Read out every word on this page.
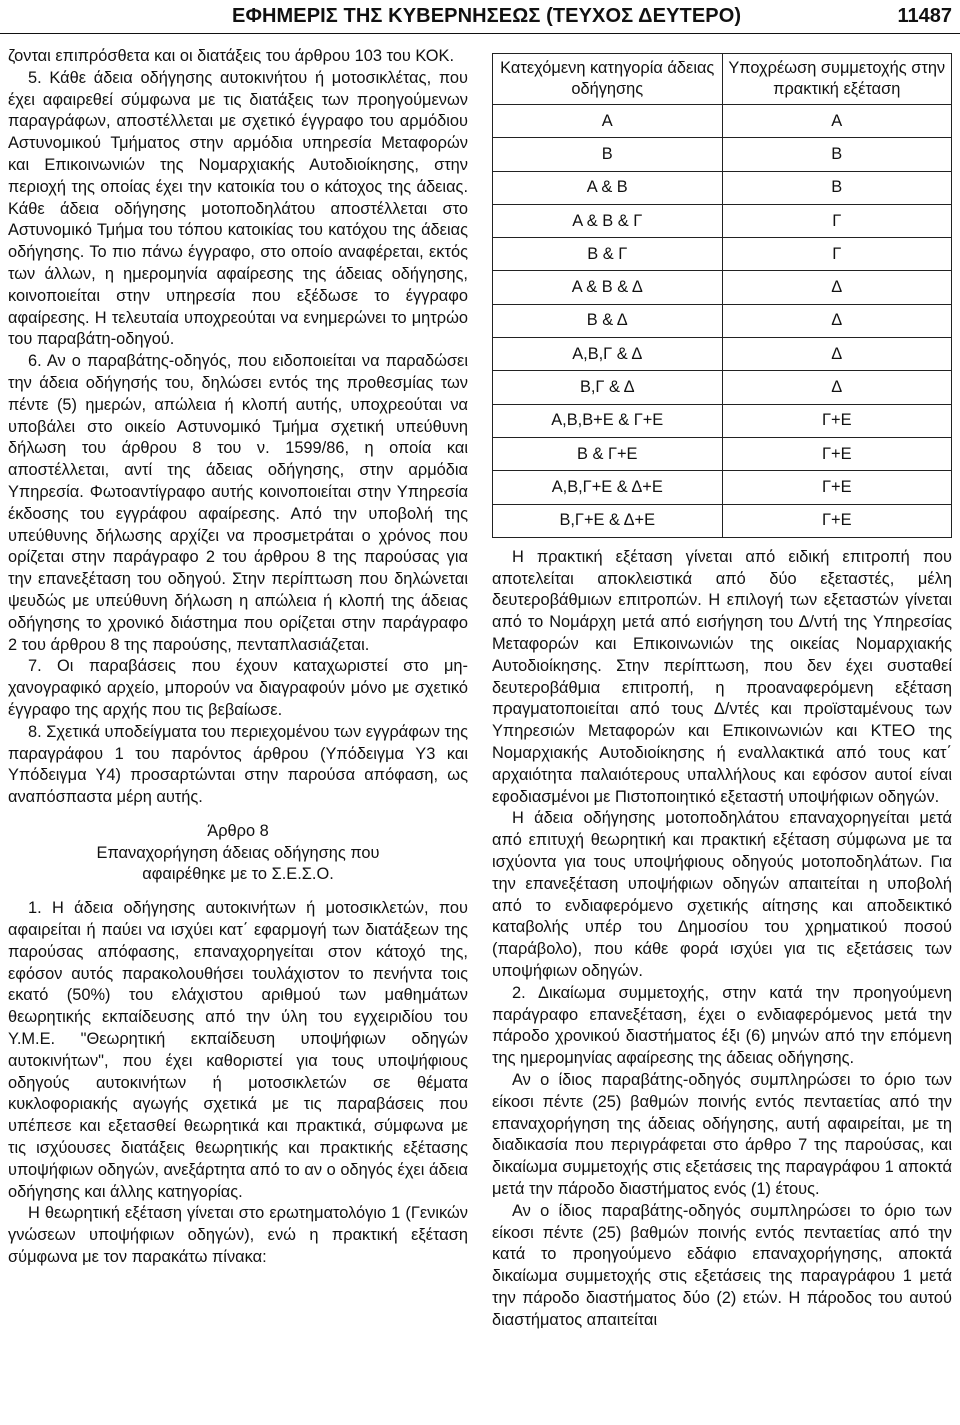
ΕΦΗΜΕΡΙΣ ΤΗΣ ΚΥΒΕΡΝΗΣΕΩΣ (ΤΕΥΧΟΣ ΔΕΥΤΕΡΟ)	11487

ζονται επιπρόσθετα και οι διατάξεις του άρθρου 103 του ΚΟΚ.

5. Κάθε άδεια οδήγησης αυτοκινήτου ή μοτοσικλέτας, που έχει αφαιρεθεί σύμφωνα με τις διατάξεις των προηγούμενων παραγράφων, αποστέλλεται με σχετικό έγγραφο του αρμόδιου Αστυνομικού Τμήματος στην αρμόδια υπηρεσία Μεταφορών και Επικοινωνιών της Νομαρχιακής Αυτοδιοίκησης, στην περιοχή της οποίας έχει την κατοικία του ο κάτοχος της άδειας. Κάθε άδεια οδήγησης μοτοποδηλάτου αποστέλλεται στο Αστυνομικό Τμήμα του τόπου κατοικίας του κατόχου της άδειας οδήγησης. Το πιο πάνω έγγραφο, στο οποίο αναφέρεται, εκτός των άλλων, η ημερομηνία αφαίρεσης της άδειας οδήγησης, κοινοποιείται στην υπηρεσία που εξέδωσε το έγγραφο αφαίρεσης. Η τελευταία υποχρεούται να ενημερώνει το μητρώο του παραβάτη-οδηγού.

6. Αν ο παραβάτης-οδηγός, που ειδοποιείται να παραδώσει την άδεια οδήγησής του, δηλώσει εντός της προθεσμίας των πέντε (5) ημερών, απώλεια ή κλοπή αυτής, υποχρεούται να υποβάλει στο οικείο Αστυνομικό Τμήμα σχετική υπεύθυνη δήλωση του άρθρου 8 του ν. 1599/86, η οποία και αποστέλλεται, αντί της άδειας οδήγησης, στην αρμόδια Υπηρεσία. Φωτοαντίγραφο αυτής κοινοποιείται στην Υπηρεσία έκδοσης του εγγράφου αφαίρεσης. Από την υποβολή της υπεύθυνης δήλωσης αρχίζει να προσμετράται ο χρόνος που ορίζεται στην παράγραφο 2 του άρθρου 8 της παρούσας για την επανεξέταση του οδηγού. Στην περίπτωση που δηλώνεται ψευδώς με υπεύθυνη δήλωση η απώλεια ή κλοπή της άδειας οδήγησης το χρονικό διάστημα που ορίζεται στην παράγραφο 2 του άρθρου 8 της παρούσης, πενταπλασιάζεται.

7. Οι παραβάσεις που έχουν καταχωριστεί στο μηχανογραφικό αρχείο, μπορούν να διαγραφούν μόνο με σχετικό έγγραφο της αρχής που τις βεβαίωσε.

8. Σχετικά υποδείγματα του περιεχομένου των εγγράφων της παραγράφου 1 του παρόντος άρθρου (Υπόδειγμα Υ3 και Υπόδειγμα Υ4) προσαρτώνται στην παρούσα απόφαση, ως αναπόσπαστα μέρη αυτής.

Άρθρο 8

Επαναχορήγηση άδειας οδήγησης που αφαιρέθηκε με το Σ.Ε.Σ.Ο.

1. Η άδεια οδήγησης αυτοκινήτων ή μοτοσικλετών, που αφαιρείται ή παύει να ισχύει κατ΄ εφαρμογή των διατάξεων της παρούσας απόφασης, επαναχορηγείται στον κάτοχό της, εφόσον αυτός παρακολουθήσει τουλάχιστον το πενήντα τοις εκατό (50%) του ελάχιστου αριθμού των μαθημάτων θεωρητικής εκπαίδευσης από την ύλη του εγχειριδίου του Υ.Μ.Ε. "Θεωρητική εκπαίδευση υποψήφιων οδηγών αυτοκινήτων", που έχει καθοριστεί για τους υποψήφιους οδηγούς αυτοκινήτων ή μοτοσικλετών σε θέματα κυκλοφοριακής αγωγής σχετικά με τις παραβάσεις που υπέπεσε και εξετασθεί θεωρητικά και πρακτικά, σύμφωνα με τις ισχύουσες διατάξεις θεωρητικής και πρακτικής εξέτασης υποψήφιων οδηγών, ανεξάρτητα από το αν ο οδηγός έχει άδεια οδήγησης και άλλης κατηγορίας.

Η θεωρητική εξέταση γίνεται στο ερωτηματολόγιο 1 (Γενικών γνώσεων υποψήφιων οδηγών), ενώ η πρακτική εξέταση σύμφωνα με τον παρακάτω πίνακα:

Κατεχόμενη κατηγορία άδειας οδήγησης	Υποχρέωση συμμετοχής στην πρακτική εξέταση
Α	Α
Β	Β
Α & Β	Β
Α & Β & Γ	Γ
Β & Γ	Γ
Α & Β & Δ	Δ
Β & Δ	Δ
Α,Β,Γ & Δ	Δ
Β,Γ & Δ	Δ
Α,Β,Β+Ε & Γ+Ε	Γ+Ε
Β & Γ+Ε	Γ+Ε
Α,Β,Γ+Ε & Δ+Ε	Γ+Ε
Β,Γ+Ε & Δ+Ε	Γ+Ε

Η πρακτική εξέταση γίνεται από ειδική επιτροπή που αποτελείται αποκλειστικά από δύο εξεταστές, μέλη δευτεροβάθμιων επιτροπών. Η επιλογή των εξεταστών γίνεται από το Νομάρχη μετά από εισήγηση του Δ/ντή της Υπηρεσίας Μεταφορών και Επικοινωνιών της οικείας Νομαρχιακής Αυτοδιοίκησης. Στην περίπτωση, που δεν έχει συσταθεί δευτεροβάθμια επιτροπή, η προαναφερόμενη εξέταση πραγματοποιείται από τους Δ/ντές και προϊσταμένους των Υπηρεσιών Μεταφορών και Επικοινωνιών και ΚΤΕΟ της Νομαρχιακής Αυτοδιοίκησης ή εναλλακτικά από τους κατ΄ αρχαιότητα παλαιότερους υπαλλήλους και εφόσον αυτοί είναι εφοδιασμένοι με Πιστοποιητικό εξεταστή υποψήφιων οδηγών.

Η άδεια οδήγησης μοτοποδηλάτου επαναχορηγείται μετά από επιτυχή θεωρητική και πρακτική εξέταση σύμφωνα με τα ισχύοντα για τους υποψήφιους οδηγούς μοτοποδηλάτων. Για την επανεξέταση υποψήφιων οδηγών απαιτείται η υποβολή από το ενδιαφερόμενο σχετικής αίτησης και αποδεικτικό καταβολής υπέρ του Δημοσίου του χρηματικού ποσού (παράβολο), που κάθε φορά ισχύει για τις εξετάσεις των υποψήφιων οδηγών.

2. Δικαίωμα συμμετοχής, στην κατά την προηγούμενη παράγραφο επανεξέταση, έχει ο ενδιαφερόμενος μετά την πάροδο χρονικού διαστήματος έξι (6) μηνών από την επόμενη της ημερομηνίας αφαίρεσης της άδειας οδήγησης.

Αν ο ίδιος παραβάτης-οδηγός συμπληρώσει το όριο των είκοσι πέντε (25) βαθμών ποινής εντός πενταετίας από την επαναχορήγηση της άδειας οδήγησης, αυτή αφαιρείται, με τη διαδικασία που περιγράφεται στο άρθρο 7 της παρούσας, και δικαίωμα συμμετοχής στις εξετάσεις της παραγράφου 1 αποκτά μετά την πάροδο διαστήματος ενός (1) έτους.

Αν ο ίδιος παραβάτης-οδηγός συμπληρώσει το όριο των είκοσι πέντε (25) βαθμών ποινής εντός πενταετίας από την κατά το προηγούμενο εδάφιο επαναχορήγησης, αποκτά δικαίωμα συμμετοχής στις εξετάσεις της παραγράφου 1 μετά την πάροδο διαστήματος δύο (2) ετών. Η πάροδος του αυτού διαστήματος απαιτείται
